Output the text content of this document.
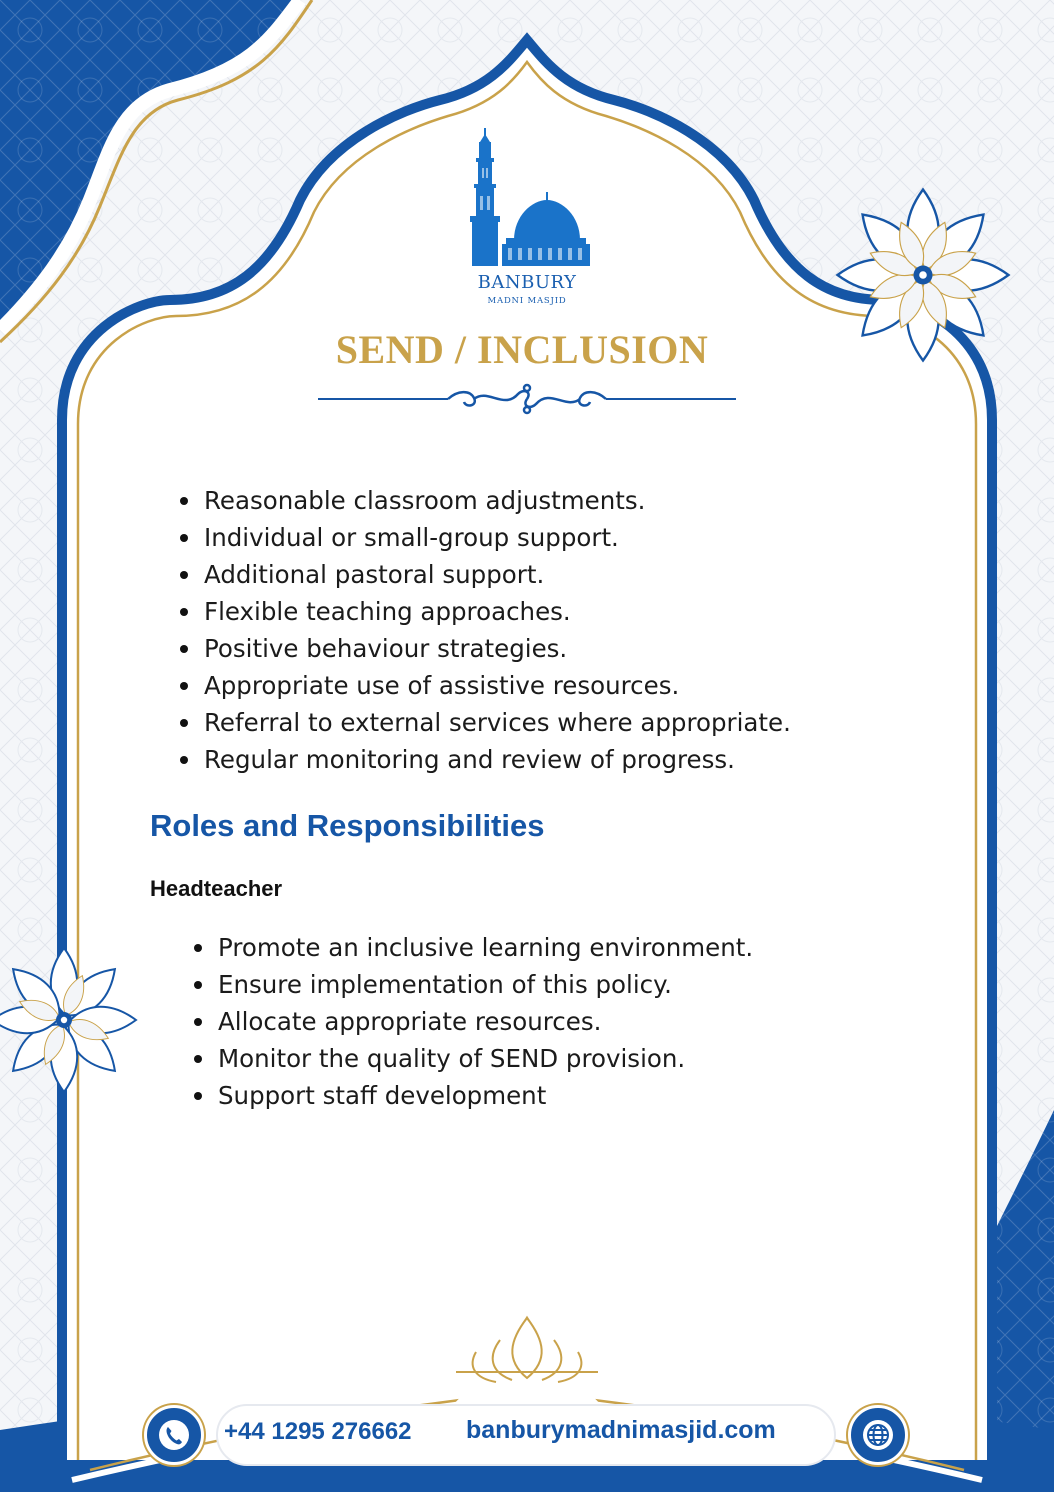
BANBURY
MADNI MASJID
SEND / INCLUSION
Reasonable classroom adjustments.
Individual or small-group support.
Additional pastoral support.
Flexible teaching approaches.
Positive behaviour strategies.
Appropriate use of assistive resources.
Referral to external services where appropriate.
Regular monitoring and review of progress.
Roles and Responsibilities
Headteacher
Promote an inclusive learning environment.
Ensure implementation of this policy.
Allocate appropriate resources.
Monitor the quality of SEND provision.
Support staff development
+44 1295 276662 banburymadnimasjid.com
